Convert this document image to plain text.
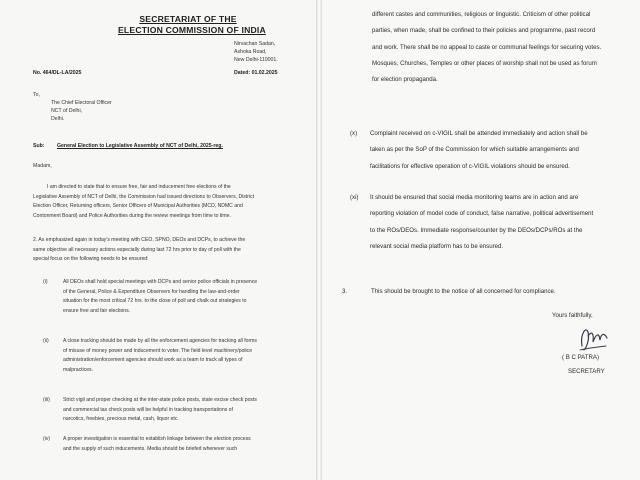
SECRETARIAT OF THE
ELECTION COMMISSION OF INDIA
Nirvachan Sadan,
Ashoka Road,
New Delhi-110001.
No. 464/DL-LA/2025	Dated: 01.02.2025
To,
The Chief Electoral Officer
NCT of Delhi,
Delhi.
Sub: General Election to Legislative Assembly of NCT of Delhi, 2025-reg.
Madam,
I am directed to state that to ensure free, fair and inducement free elections of the
Legislative Assembly of NCT of Delhi, the Commission had issued directions to Observers, District
Election Officer, Returning officers, Senior Officers of Municipal Authorities (MCD, NDMC and
Contonment Board) and Police Authorities during the review meetings from time to time.
2. As emphasized again in today's meeting with CEO, SPNO, DEOs and DCPs, to achieve the
same objective all necessary actions especially during last 72 hrs prior to day of poll with the
special focus on the following needs to be ensured:
(i)	All DEOs shall hold special meetings with DCPs and senior police officials in presence
of the General, Police & Expenditure Observers for handling the law-and-order
situation for the most critical 72 hrs. to the close of poll and chalk out strategies to
ensure free and fair elections.
(ii)	A close tracking should be made by all the enforcement agencies for tracking all forms
of misuse of money power and inducement to voter. The field level machinery/police
administration/enforcement agencies should work as a team to track all types of
malpractices.
(iii)	Strict vigil and proper checking at the inter-state police posts, state excise check posts
and commercial tax check posts will be helpful in tracking transportations of
narcotics, freebies, precious metal, cash, liquor etc.
(iv)	A proper investigation is essential to establish linkage between the election process
and the supply of such inducements. Media should be briefed whenever such
different castes and communities, religious or linguistic. Criticism of other political
parties, when made, shall be confined to their policies and programme, past record
and work. There shall be no appeal to caste or communal feelings for securing votes.
Mosques, Churches, Temples or other places of worship shall not be used as forum
for election propaganda.
(x) Complaint received on c-VIGIL shall be attended immediately and action shall be
taken as per the SoP of the Commission for which suitable arrangements and
facilitations for effective operation of c-VIGIL violations should be ensured.
(xi) It should be ensured that social media monitoring teams are in action and are
reporting violation of model code of conduct, false narrative, political advertisement
to the ROs/DEOs. Immediate response/counter by the DEOs/DCPs/ROs at the
relevant social media platform has to be ensured.
3.	This should be brought to the notice of all concerned for compliance.
Yours faithfully,
( B C PATRA)
SECRETARY
